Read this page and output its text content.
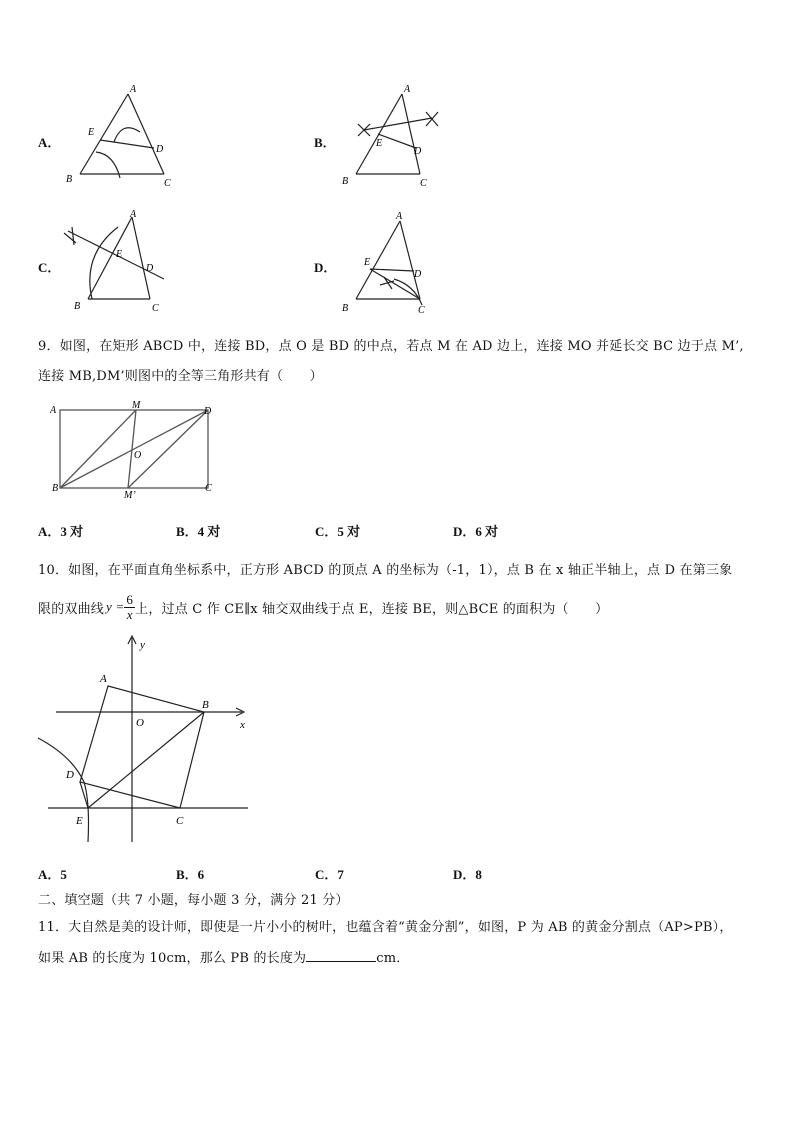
A．
A
B	C
D
E
B．
A
B	C
D
E
C．
A
B	C
D
E
D．
A
B	C
D
E
9．如图，在矩形 ABCD 中，连接 BD，点 O 是 BD 的中点，若点 M 在 AD 边上，连接 MO 并延长交 BC 边于点 M’,
连接 MB,DM’则图中的全等三角形共有（　　）
A	M
D
O
B
M’
C
A．3 对	B．4 对	C．5 对	D．6 对
10．如图，在平面直角坐标系中，正方形 ABCD 的顶点 A 的坐标为（-1，1），点 B 在 x 轴正半轴上，点 D 在第三象
限的双曲线 $y = \frac{6}{x}$ 上，过点 C 作 CE∥x 轴交双曲线于点 E，连接 BE，则△BCE 的面积为（　　）
y
x
A
B
O
D
E	C
A．5	B．6	C．7	D．8
二、填空题（共 7 小题，每小题 3 分，满分 21 分）
11．大自然是美的设计师，即使是一片小小的树叶，也蕴含着“黄金分割”，如图，P 为 AB 的黄金分割点（AP>PB），
如果 AB 的长度为 10cm，那么 PB 的长度为	cm．
